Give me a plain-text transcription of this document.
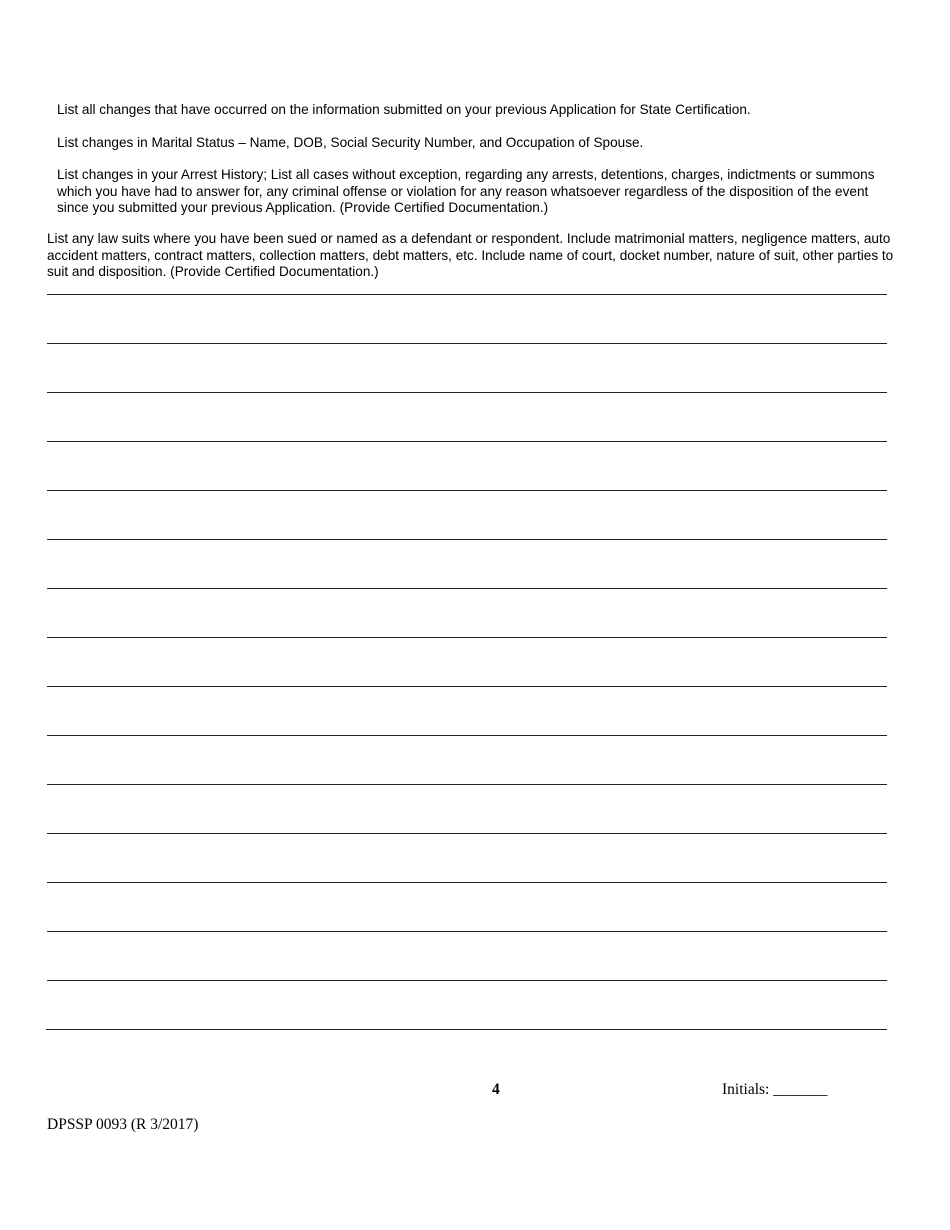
List all changes that have occurred on the information submitted on your previous Application for State Certification.

List changes in Marital Status – Name, DOB, Social Security Number, and Occupation of Spouse.

List changes in your Arrest History; List all cases without exception, regarding any arrests, detentions, charges, indictments or summons which you have had to answer for, any criminal offense or violation for any reason whatsoever regardless of the disposition of the event since you submitted your previous Application. (Provide Certified Documentation.)

List any law suits where you have been sued or named as a defendant or respondent. Include matrimonial matters, negligence matters, auto accident matters, contract matters, collection matters, debt matters, etc. Include name of court, docket number, nature of suit, other parties to suit and disposition. (Provide Certified Documentation.)

4	Initials: _______
DPSSP 0093 (R 3/2017)
